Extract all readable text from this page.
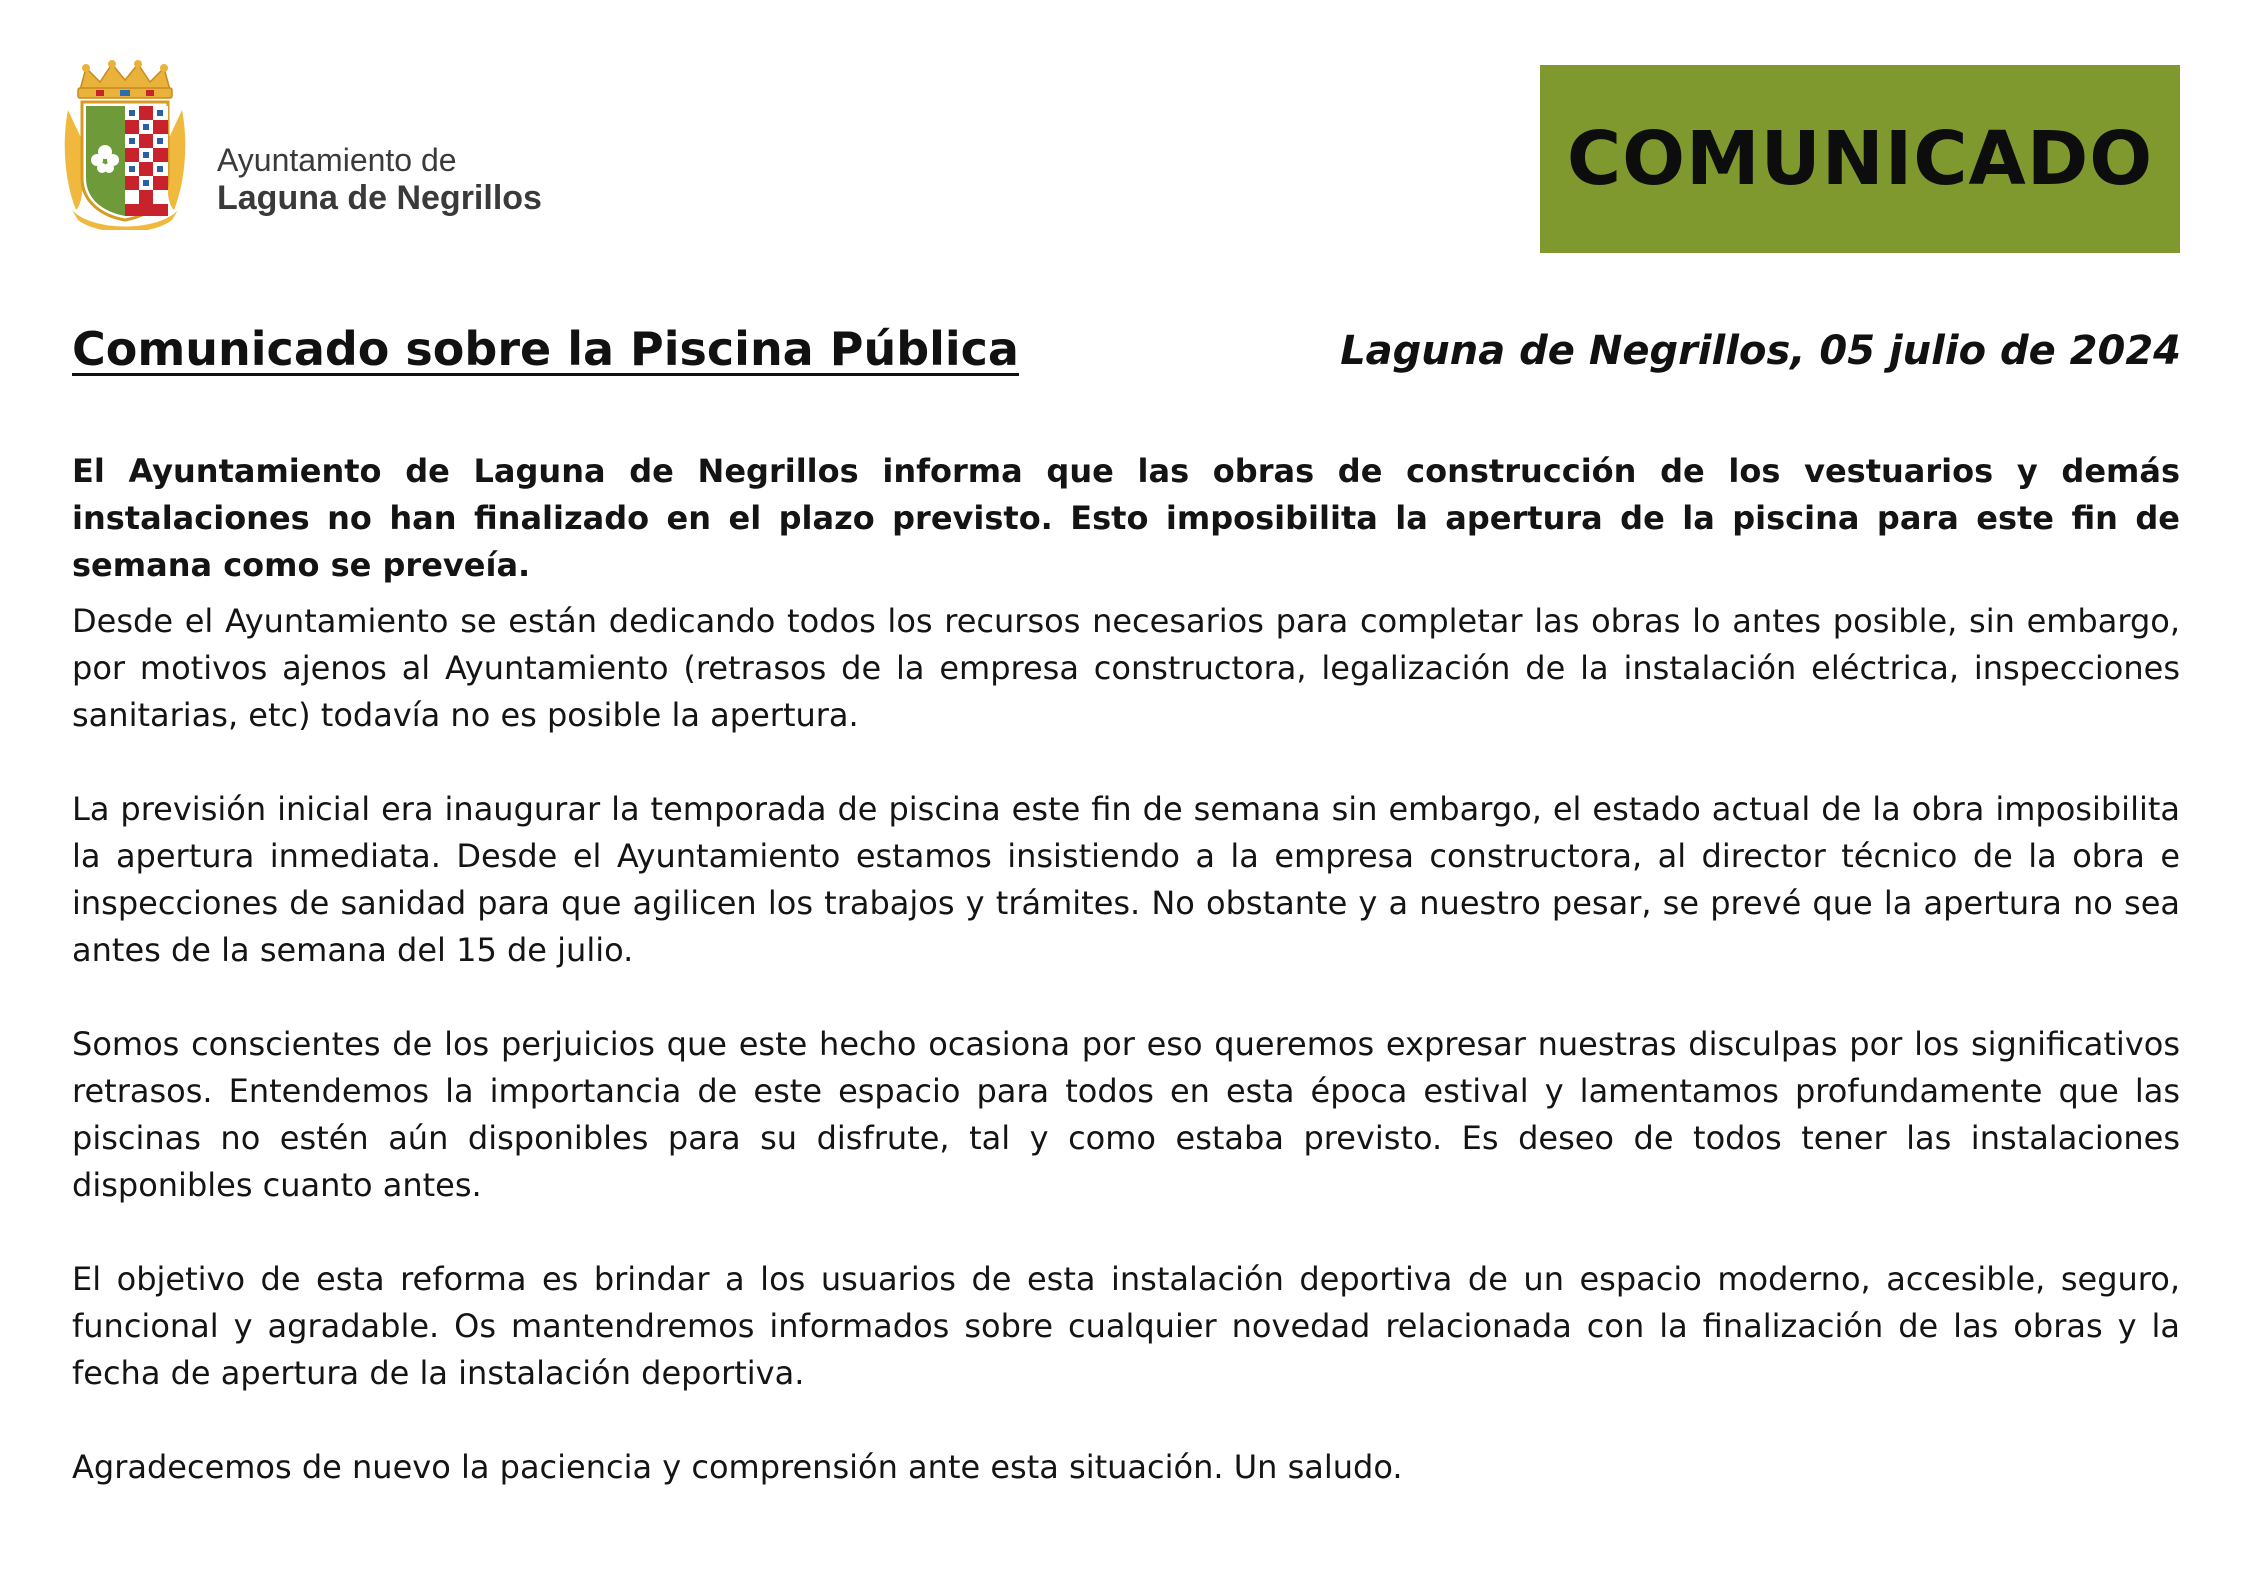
Ayuntamiento de
Laguna de Negrillos	COMUNICADO
Comunicado sobre la Piscina Pública	Laguna de Negrillos, 05 julio de 2024

El Ayuntamiento de Laguna de Negrillos informa que las obras de construcción de los vestuarios y demás instalaciones no han finalizado en el plazo previsto. Esto imposibilita la apertura de la piscina para este fin de semana como se preveía.

Desde el Ayuntamiento se están dedicando todos los recursos necesarios para completar las obras lo antes posible, sin embargo, por motivos ajenos al Ayuntamiento (retrasos de la empresa constructora, legalización de la instalación eléctrica, inspecciones sanitarias, etc) todavía no es posible la apertura.

La previsión inicial era inaugurar la temporada de piscina este fin de semana sin embargo, el estado actual de la obra imposibilita la apertura inmediata. Desde el Ayuntamiento estamos insistiendo a la empresa constructora, al director técnico de la obra e inspecciones de sanidad para que agilicen los trabajos y trámites. No obstante y a nuestro pesar, se prevé que la apertura no sea antes de la semana del 15 de julio.

Somos conscientes de los perjuicios que este hecho ocasiona por eso queremos expresar nuestras disculpas por los significativos retrasos. Entendemos la importancia de este espacio para todos en esta época estival y lamentamos profundamente que las piscinas no estén aún disponibles para su disfrute, tal y como estaba previsto. Es deseo de todos tener las instalaciones disponibles cuanto antes.

El objetivo de esta reforma es brindar a los usuarios de esta instalación deportiva de un espacio moderno, accesible, seguro, funcional y agradable. Os mantendremos informados sobre cualquier novedad relacionada con la finalización de las obras y la fecha de apertura de la instalación deportiva.

Agradecemos de nuevo la paciencia y comprensión ante esta situación. Un saludo.
